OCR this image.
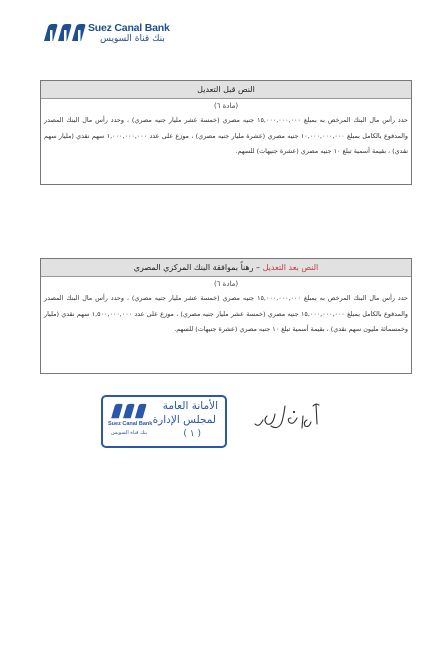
Suez Canal Bank
بنك قناة السويس
النص قبل التعديل
(مادة ٦)
حدد رأس مال البنك المرخص به بمبلغ ١٥,٠٠٠,٠٠٠,٠٠٠ جنيه مصري (خمسة عشر مليار جنيه مصري) ، وحدد رأس مال البنك المصدر والمدفوع بالكامل بمبلغ ١٠,٠٠٠,٠٠٠,٠٠٠ جنيه مصري (عشرة مليار جنيه مصري) ، موزع على عدد ١,٠٠٠,٠٠٠,٠٠٠ سهم نقدي (مليار سهم نقدي) ، بقيمة أسمية تبلغ ١٠ جنيه مصري (عشرة جنيهات) للسهم.
النص بعد التعديل – رهناً بموافقة البنك المركزي المصري
(مادة ٦)
حدد رأس مال البنك المرخص به بمبلغ ١٥,٠٠٠,٠٠٠,٠٠٠ جنيه مصري (خمسة عشر مليار جنيه مصري) ، وحدد رأس مال البنك المصدر والمدفوع بالكامل بمبلغ ١٥,٠٠٠,٠٠٠,٠٠٠ جنيه مصري (خمسة عشر مليار جنيه مصري) ، موزع على عدد ١,٥٠٠,٠٠٠,٠٠٠ سهم نقدي (مليار وخمسمائة مليون سهم نقدي) ، بقيمة أسمية تبلغ ١٠ جنيه مصري (عشرة جنيهات) للسهم.
Suez Canal Bank
بنك قناة السويس
الأمانة العامة
لمجلس الإدارة
( ١ )
